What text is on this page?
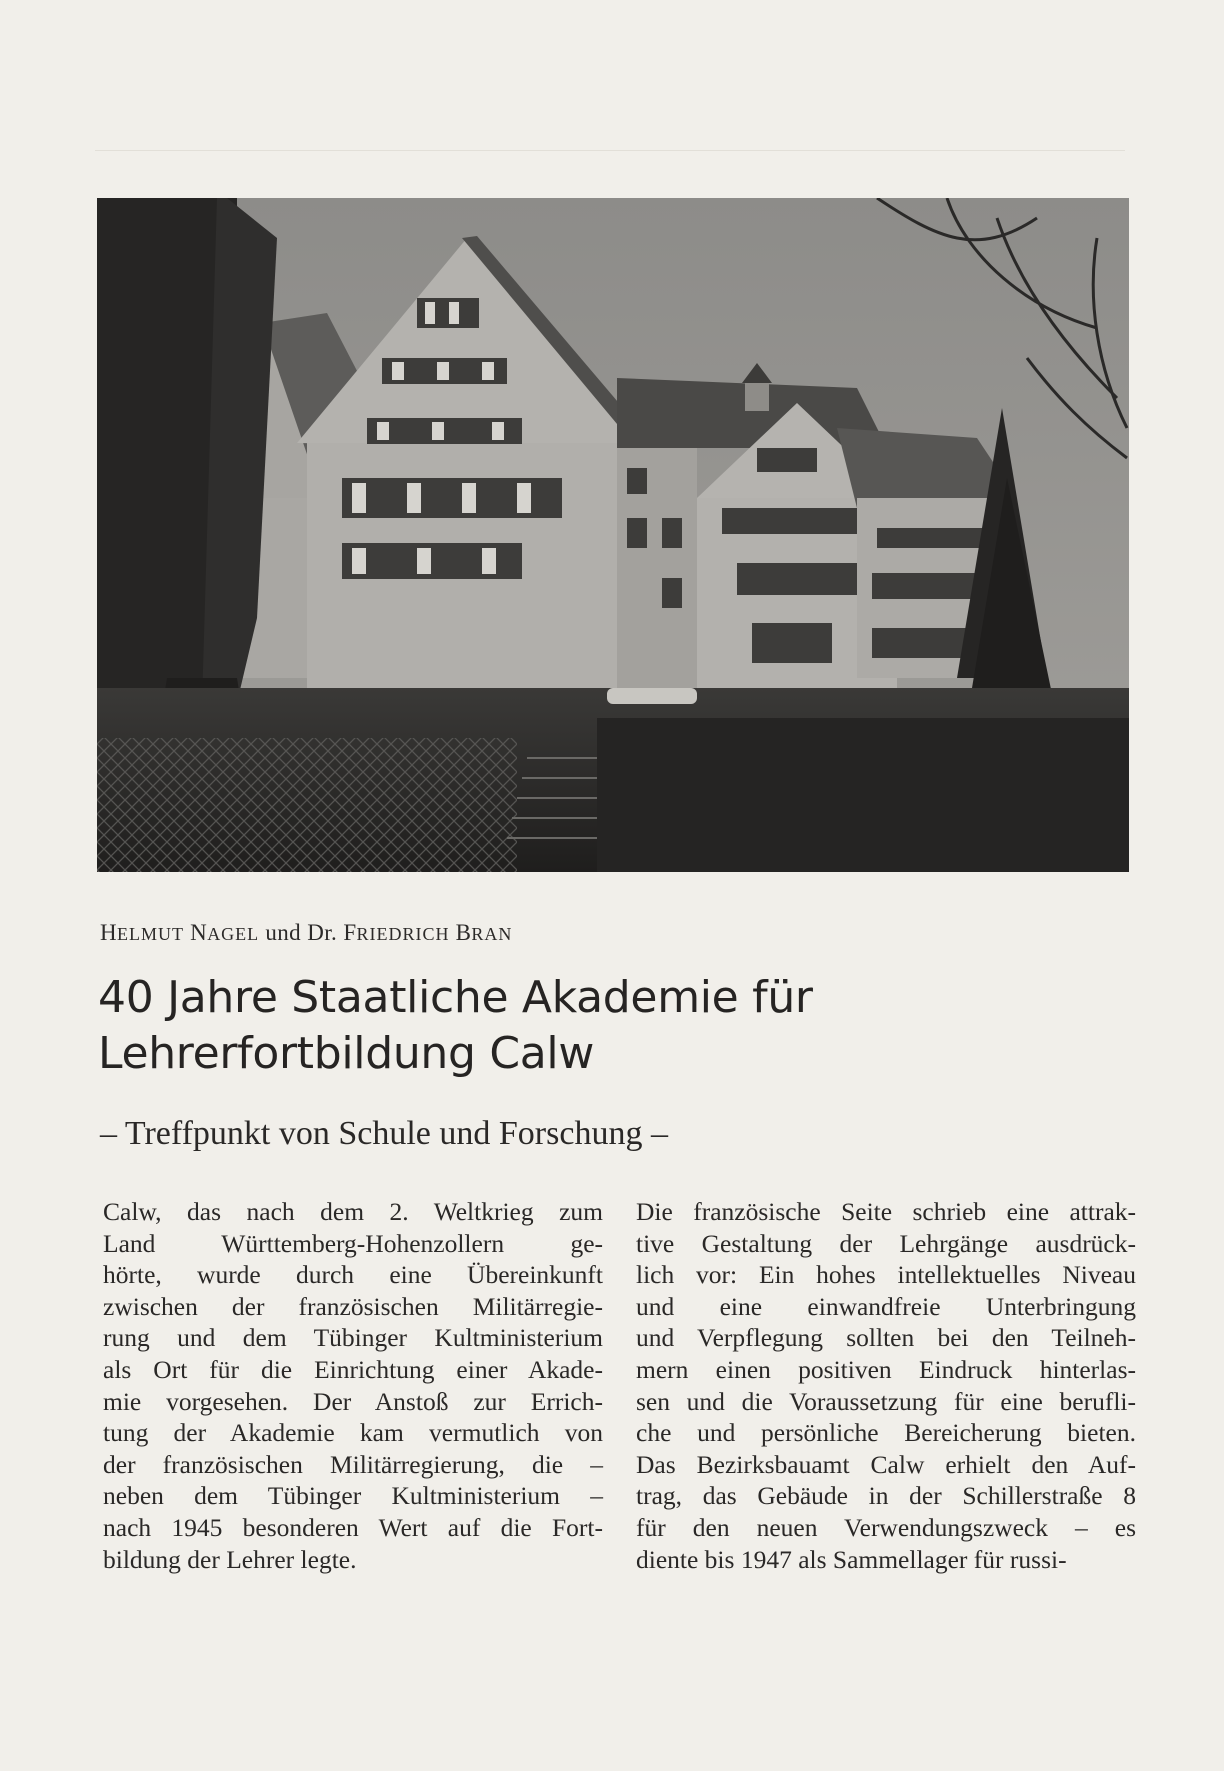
HELMUT NAGEL und Dr. FRIEDRICH BRAN
40 Jahre Staatliche Akademie für
Lehrerfortbildung Calw
– Treffpunkt von Schule und Forschung –
Calw, das nach dem 2. Weltkrieg zum
Land Württemberg-Hohenzollern ge-
hörte, wurde durch eine Übereinkunft
zwischen der französischen Militärregie-
rung und dem Tübinger Kultministerium
als Ort für die Einrichtung einer Akade-
mie vorgesehen. Der Anstoß zur Errich-
tung der Akademie kam vermutlich von
der französischen Militärregierung, die –
neben dem Tübinger Kultministerium –
nach 1945 besonderen Wert auf die Fort-
bildung der Lehrer legte.
Die französische Seite schrieb eine attrak-
tive Gestaltung der Lehrgänge ausdrück-
lich vor: Ein hohes intellektuelles Niveau
und eine einwandfreie Unterbringung
und Verpflegung sollten bei den Teilneh-
mern einen positiven Eindruck hinterlas-
sen und die Voraussetzung für eine berufli-
che und persönliche Bereicherung bieten.
Das Bezirksbauamt Calw erhielt den Auf-
trag, das Gebäude in der Schillerstraße 8
für den neuen Verwendungszweck – es
diente bis 1947 als Sammellager für russi-
